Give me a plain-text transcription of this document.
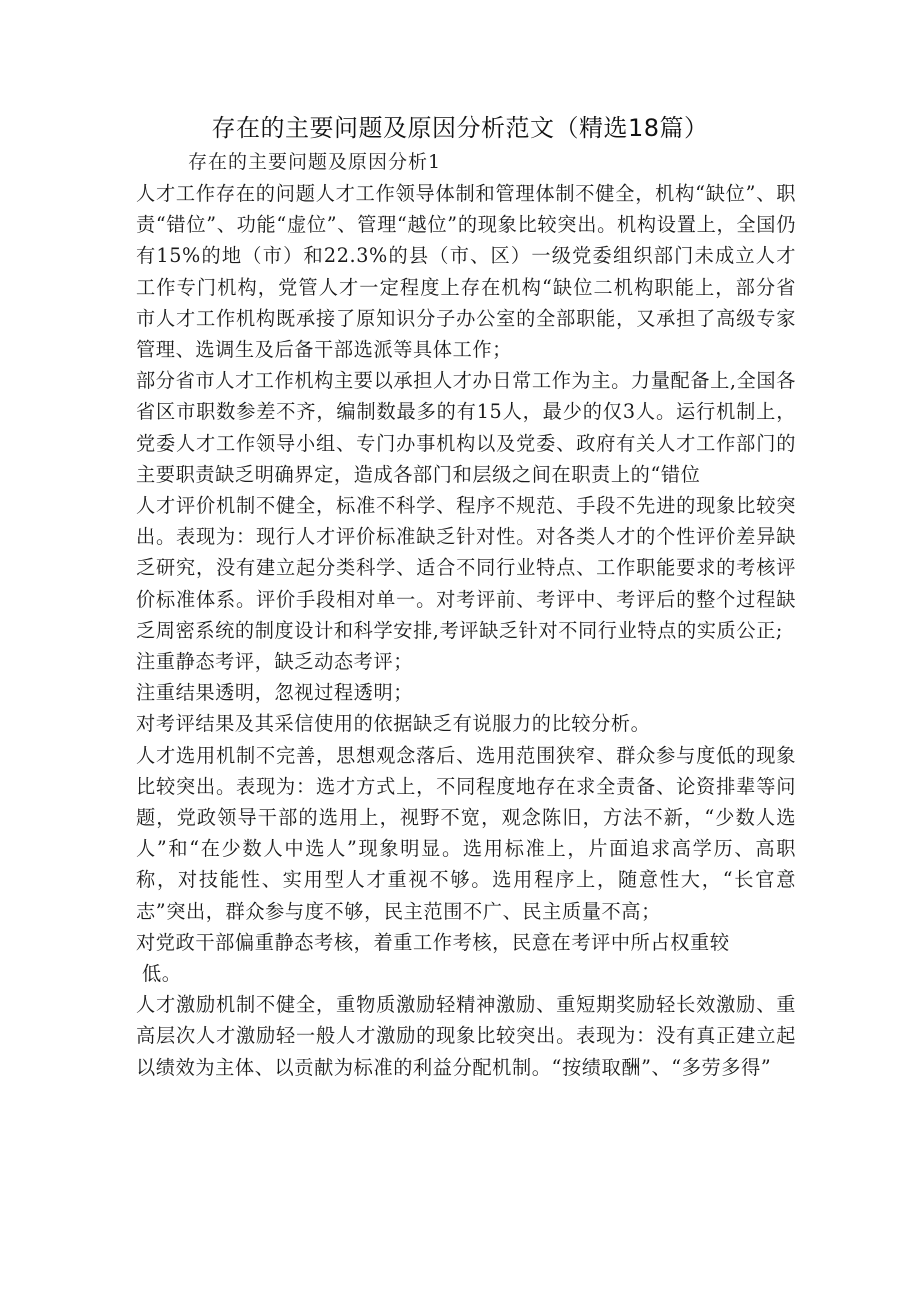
存在的主要问题及原因分析范文（精选18篇）
存在的主要问题及原因分析1

人才工作存在的问题人才工作领导体制和管理体制不健全，机构“缺位”、职责“错位”、功能“虚位”、管理“越位”的现象比较突出。机构设置上，全国仍有15%的地（市）和22.3%的县（市、区）一级党委组织部门未成立人才工作专门机构，党管人才一定程度上存在机构“缺位二机构职能上，部分省市人才工作机构既承接了原知识分子办公室的全部职能，又承担了高级专家管理、选调生及后备干部选派等具体工作；

部分省市人才工作机构主要以承担人才办日常工作为主。力量配备上,全国各省区市职数参差不齐，编制数最多的有15人，最少的仅3人。运行机制上，党委人才工作领导小组、专门办事机构以及党委、政府有关人才工作部门的主要职责缺乏明确界定，造成各部门和层级之间在职责上的“错位

人才评价机制不健全，标准不科学、程序不规范、手段不先进的现象比较突出。表现为：现行人才评价标准缺乏针对性。对各类人才的个性评价差异缺乏研究，没有建立起分类科学、适合不同行业特点、工作职能要求的考核评价标准体系。评价手段相对单一。对考评前、考评中、考评后的整个过程缺乏周密系统的制度设计和科学安排,考评缺乏针对不同行业特点的实质公正;

注重静态考评，缺乏动态考评；

注重结果透明，忽视过程透明；

对考评结果及其采信使用的依据缺乏有说服力的比较分析。

人才选用机制不完善，思想观念落后、选用范围狭窄、群众参与度低的现象比较突出。表现为：选才方式上，不同程度地存在求全责备、论资排辈等问题，党政领导干部的选用上，视野不宽，观念陈旧，方法不新，“少数人选人”和“在少数人中选人”现象明显。选用标准上，片面追求高学历、高职称，对技能性、实用型人才重视不够。选用程序上，随意性大，“长官意志”突出，群众参与度不够，民主范围不广、民主质量不高；

对党政干部偏重静态考核，着重工作考核，民意在考评中所占权重较

低。

人才激励机制不健全，重物质激励轻精神激励、重短期奖励轻长效激励、重高层次人才激励轻一般人才激励的现象比较突出。表现为：没有真正建立起以绩效为主体、以贡献为标准的利益分配机制。“按绩取酬”、“多劳多得”
